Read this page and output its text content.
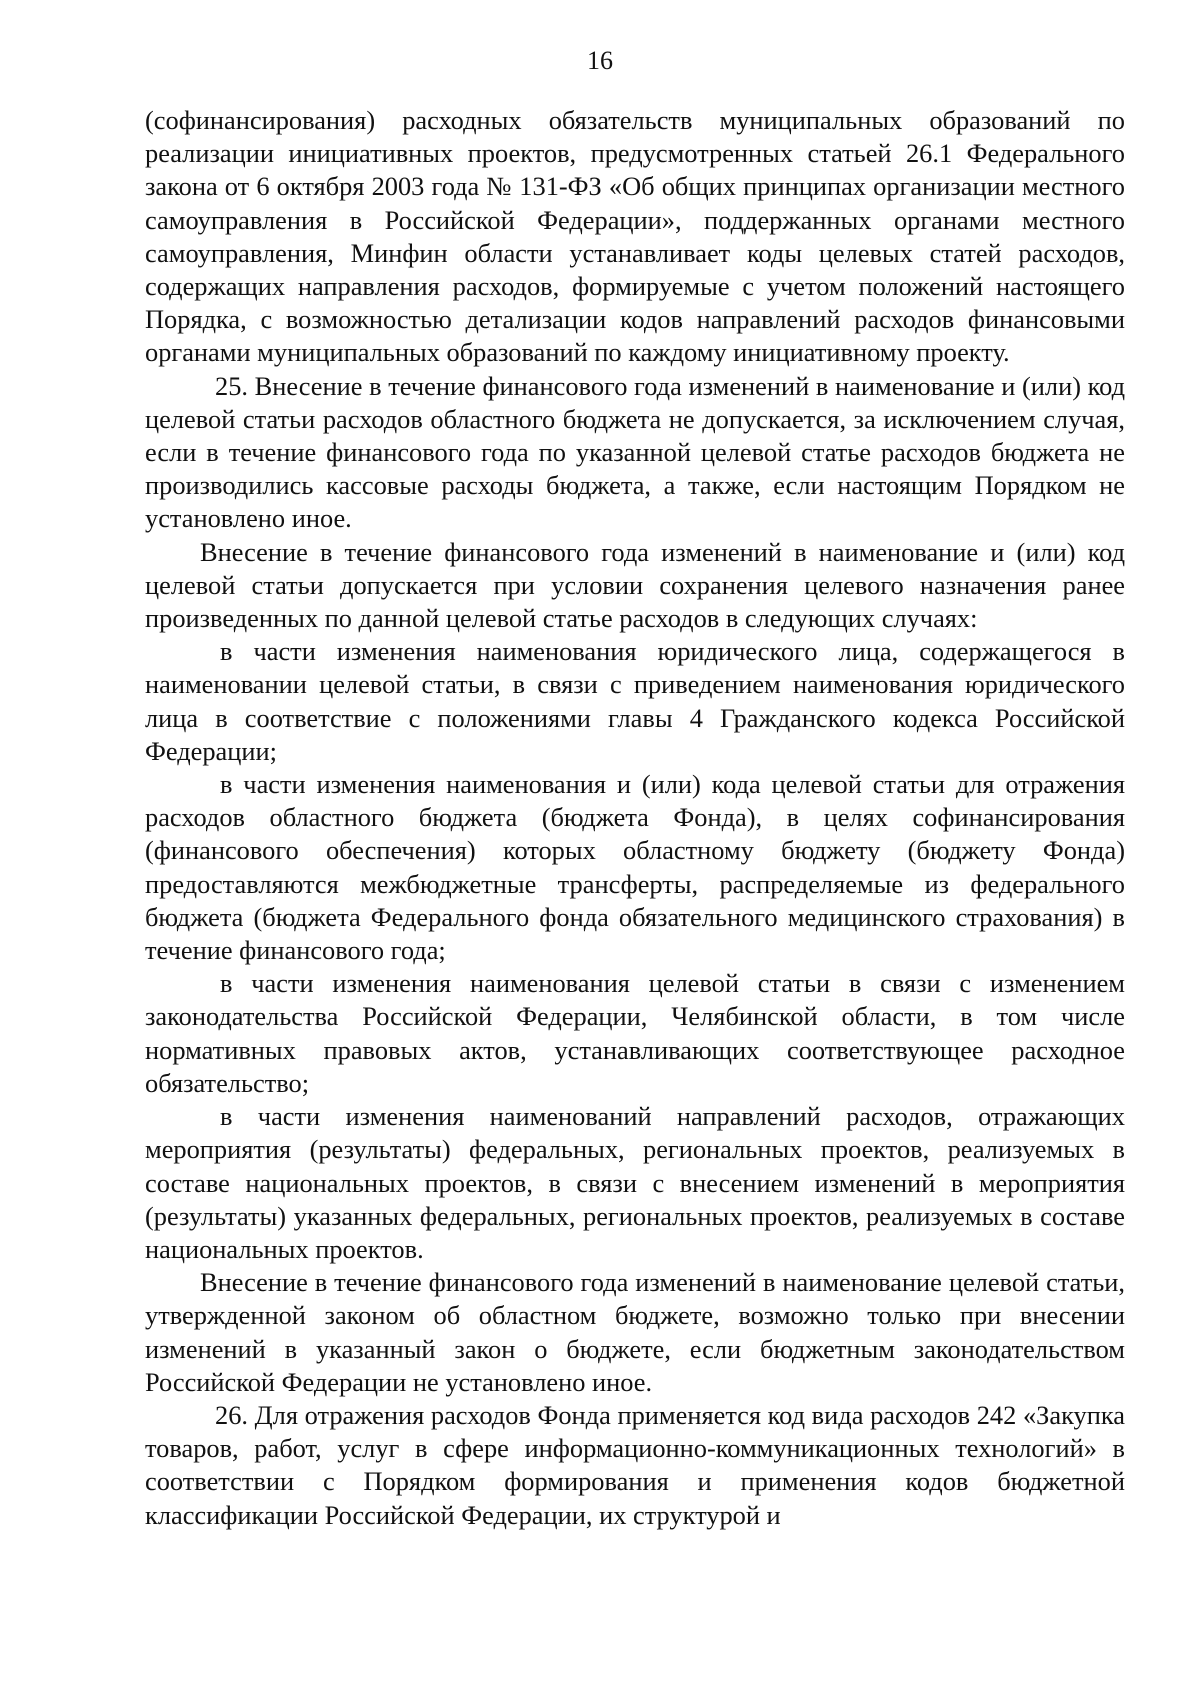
16

(софинансирования) расходных обязательств муниципальных образований по реализации инициативных проектов, предусмотренных статьей 26.1 Федерального закона от 6 октября 2003 года № 131-ФЗ «Об общих принципах организации местного самоуправления в Российской Федерации», поддержанных органами местного самоуправления, Минфин области устанавливает коды целевых статей расходов, содержащих направления расходов, формируемые с учетом положений настоящего Порядка, с возможностью детализации кодов направлений расходов финансовыми органами муниципальных образований по каждому инициативному проекту.

25. Внесение в течение финансового года изменений в наименование и (или) код целевой статьи расходов областного бюджета не допускается, за исключением случая, если в течение финансового года по указанной целевой статье расходов бюджета не производились кассовые расходы бюджета, а также, если настоящим Порядком не установлено иное.

Внесение в течение финансового года изменений в наименование и (или) код целевой статьи допускается при условии сохранения целевого назначения ранее произведенных по данной целевой статье расходов в следующих случаях:

в части изменения наименования юридического лица, содержащегося в наименовании целевой статьи, в связи с приведением наименования юридического лица в соответствие с положениями главы 4 Гражданского кодекса Российской Федерации;

в части изменения наименования и (или) кода целевой статьи для отражения расходов областного бюджета (бюджета Фонда), в целях софинансирования (финансового обеспечения) которых областному бюджету (бюджету Фонда) предоставляются межбюджетные трансферты, распределяемые из федерального бюджета (бюджета Федерального фонда обязательного медицинского страхования) в течение финансового года;

в части изменения наименования целевой статьи в связи с изменением законодательства Российской Федерации, Челябинской области, в том числе нормативных правовых актов, устанавливающих соответствующее расходное обязательство;

в части изменения наименований направлений расходов, отражающих мероприятия (результаты) федеральных, региональных проектов, реализуемых в составе национальных проектов, в связи с внесением изменений в мероприятия (результаты) указанных федеральных, региональных проектов, реализуемых в составе национальных проектов.

Внесение в течение финансового года изменений в наименование целевой статьи, утвержденной законом об областном бюджете, возможно только при внесении изменений в указанный закон о бюджете, если бюджетным законодательством Российской Федерации не установлено иное.

26. Для отражения расходов Фонда применяется код вида расходов 242 «Закупка товаров, работ, услуг в сфере информационно-коммуникационных технологий» в соответствии с Порядком формирования и применения кодов бюджетной классификации Российской Федерации, их структурой и
